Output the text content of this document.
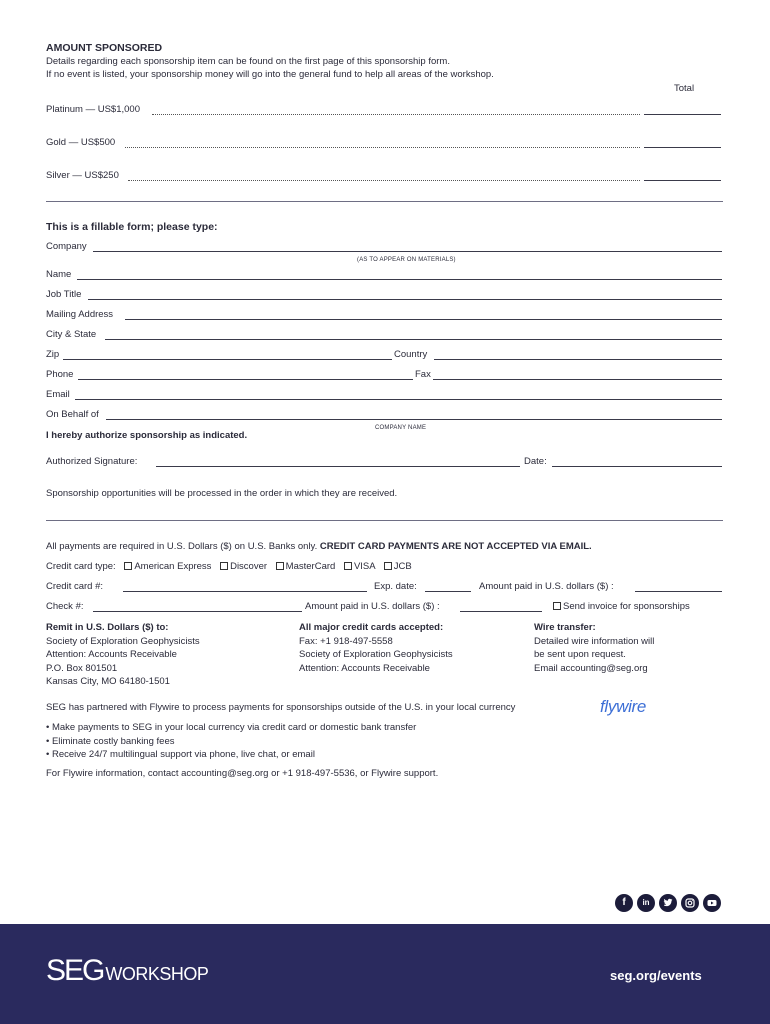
AMOUNT SPONSORED
Details regarding each sponsorship item can be found on the first page of this sponsorship form.
If no event is listed, your sponsorship money will go into the general fund to help all areas of the workshop.
Total
Platinum — US$1,000
Gold — US$500
Silver — US$250
This is a fillable form; please type:
Company
(AS TO APPEAR ON MATERIALS)
Name
Job Title
Mailing Address
City & State
Zip	Country
Phone	Fax
Email
On Behalf of
COMPANY NAME
I hereby authorize sponsorship as indicated.
Authorized Signature:	Date:
Sponsorship opportunities will be processed in the order in which they are received.
All payments are required in U.S. Dollars ($) on U.S. Banks only. CREDIT CARD PAYMENTS ARE NOT ACCEPTED VIA EMAIL.
Credit card type: American Express Discover MasterCard VISA JCB
Credit card #:	Exp. date:	Amount paid in U.S. dollars ($) :
Check #:	Amount paid in U.S. dollars ($) :	Send invoice for sponsorships
Remit in U.S. Dollars ($) to:
Society of Exploration Geophysicists
Attention: Accounts Receivable
P.O. Box 801501
Kansas City, MO 64180-1501
All major credit cards accepted:
Fax: +1 918-497-5558
Society of Exploration Geophysicists
Attention: Accounts Receivable
Wire transfer:
Detailed wire information will
be sent upon request.
Email accounting@seg.org
SEG has partnered with Flywire to process payments for sponsorships outside of the U.S. in your local currency	flywire
• Make payments to SEG in your local currency via credit card or domestic bank transfer
• Eliminate costly banking fees
• Receive 24/7 multilingual support via phone, live chat, or email
For Flywire information, contact accounting@seg.org or +1 918-497-5536, or Flywire support.
f	in
SEG WORKSHOP	seg.org/events
